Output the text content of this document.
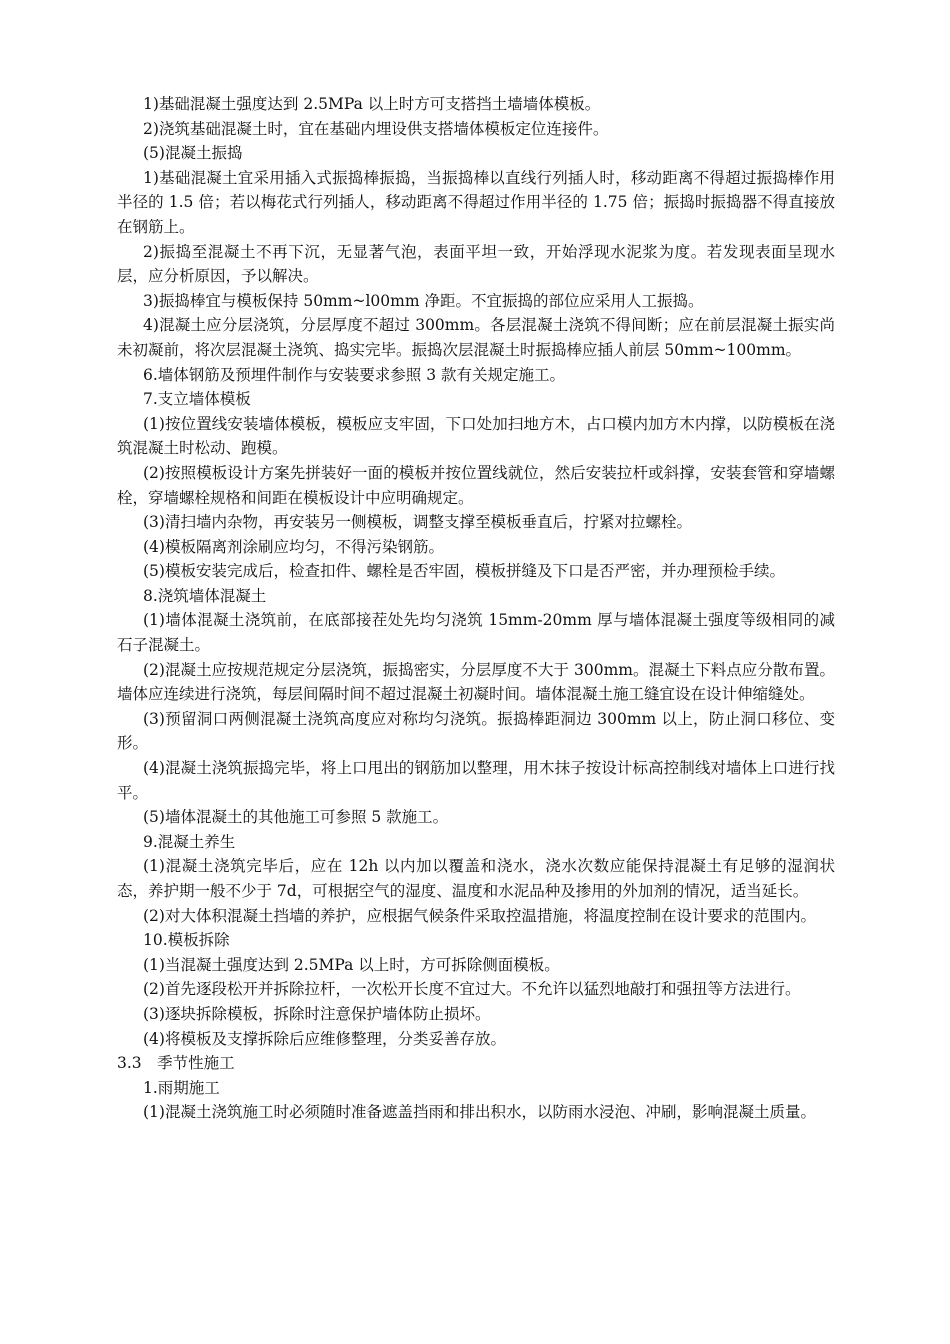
1)基础混凝土强度达到 2.5MPa 以上时方可支搭挡土墙墙体模板。

2)浇筑基础混凝土时，宜在基础内埋设供支搭墙体模板定位连接件。

(5)混凝土振捣

1)基础混凝土宜采用插入式振捣棒振捣，当振捣棒以直线行列插人时，移动距离不得超过振捣棒作用半径的 1.5 倍；若以梅花式行列插人，移动距离不得超过作用半径的 1.75 倍；振捣时振捣器不得直接放在钢筋上。

2)振捣至混凝土不再下沉，无显著气泡，表面平坦一致，开始浮现水泥浆为度。若发现表面呈现水层，应分析原因，予以解决。

3)振捣棒宜与模板保持 50mm~l00mm 净距。不宜振捣的部位应采用人工振捣。

4)混凝土应分层浇筑，分层厚度不超过 300mm。各层混凝土浇筑不得间断；应在前层混凝土振实尚未初凝前，将次层混凝土浇筑、捣实完毕。振捣次层混凝土时振捣棒应插人前层 50mm~100mm。

6.墙体钢筋及预埋件制作与安装要求参照 3 款有关规定施工。

7.支立墙体模板

(1)按位置线安装墙体模板，模板应支牢固，下口处加扫地方木，占口模内加方木内撑，以防模板在浇筑混凝土时松动、跑模。

(2)按照模板设计方案先拼装好一面的模板并按位置线就位，然后安装拉杆或斜撑，安装套管和穿墙螺栓，穿墙螺栓规格和间距在模板设计中应明确规定。

(3)清扫墙内杂物，再安装另一侧模板，调整支撑至模板垂直后，拧紧对拉螺栓。

(4)模板隔离剂涂刷应均匀，不得污染钢筋。

(5)模板安装完成后，检查扣件、螺栓是否牢固，模板拼缝及下口是否严密，并办理预检手续。

8.浇筑墙体混凝土

(1)墙体混凝土浇筑前，在底部接茬处先均匀浇筑 15mm-20mm 厚与墙体混凝土强度等级相同的减石子混凝土。

(2)混凝土应按规范规定分层浇筑，振捣密实，分层厚度不大于 300mm。混凝土下料点应分散布置。墙体应连续进行浇筑，每层间隔时间不超过混凝土初凝时间。墙体混凝土施工缝宜设在设计伸缩缝处。

(3)预留洞口两侧混凝土浇筑高度应对称均匀浇筑。振捣棒距洞边 300mm 以上，防止洞口移位、变形。

(4)混凝土浇筑振捣完毕，将上口甩出的钢筋加以整理，用木抹子按设计标高控制线对墙体上口进行找平。

(5)墙体混凝土的其他施工可参照 5 款施工。

9.混凝土养生

(1)混凝土浇筑完毕后，应在 12h 以内加以覆盖和浇水，浇水次数应能保持混凝土有足够的湿润状态，养护期一般不少于 7d，可根据空气的湿度、温度和水泥品种及掺用的外加剂的情况，适当延长。

(2)对大体积混凝土挡墙的养护，应根据气候条件采取控温措施，将温度控制在设计要求的范围内。

10.模板拆除

(1)当混凝土强度达到 2.5MPa 以上时，方可拆除侧面模板。

(2)首先逐段松开并拆除拉杆，一次松开长度不宜过大。不允许以猛烈地敲打和强扭等方法进行。

(3)逐块拆除模板，拆除时注意保护墙体防止损坏。

(4)将模板及支撑拆除后应维修整理，分类妥善存放。

3.3　季节性施工

1.雨期施工

(1)混凝土浇筑施工时必须随时准备遮盖挡雨和排出积水，以防雨水浸泡、冲刷，影响混凝土质量。
